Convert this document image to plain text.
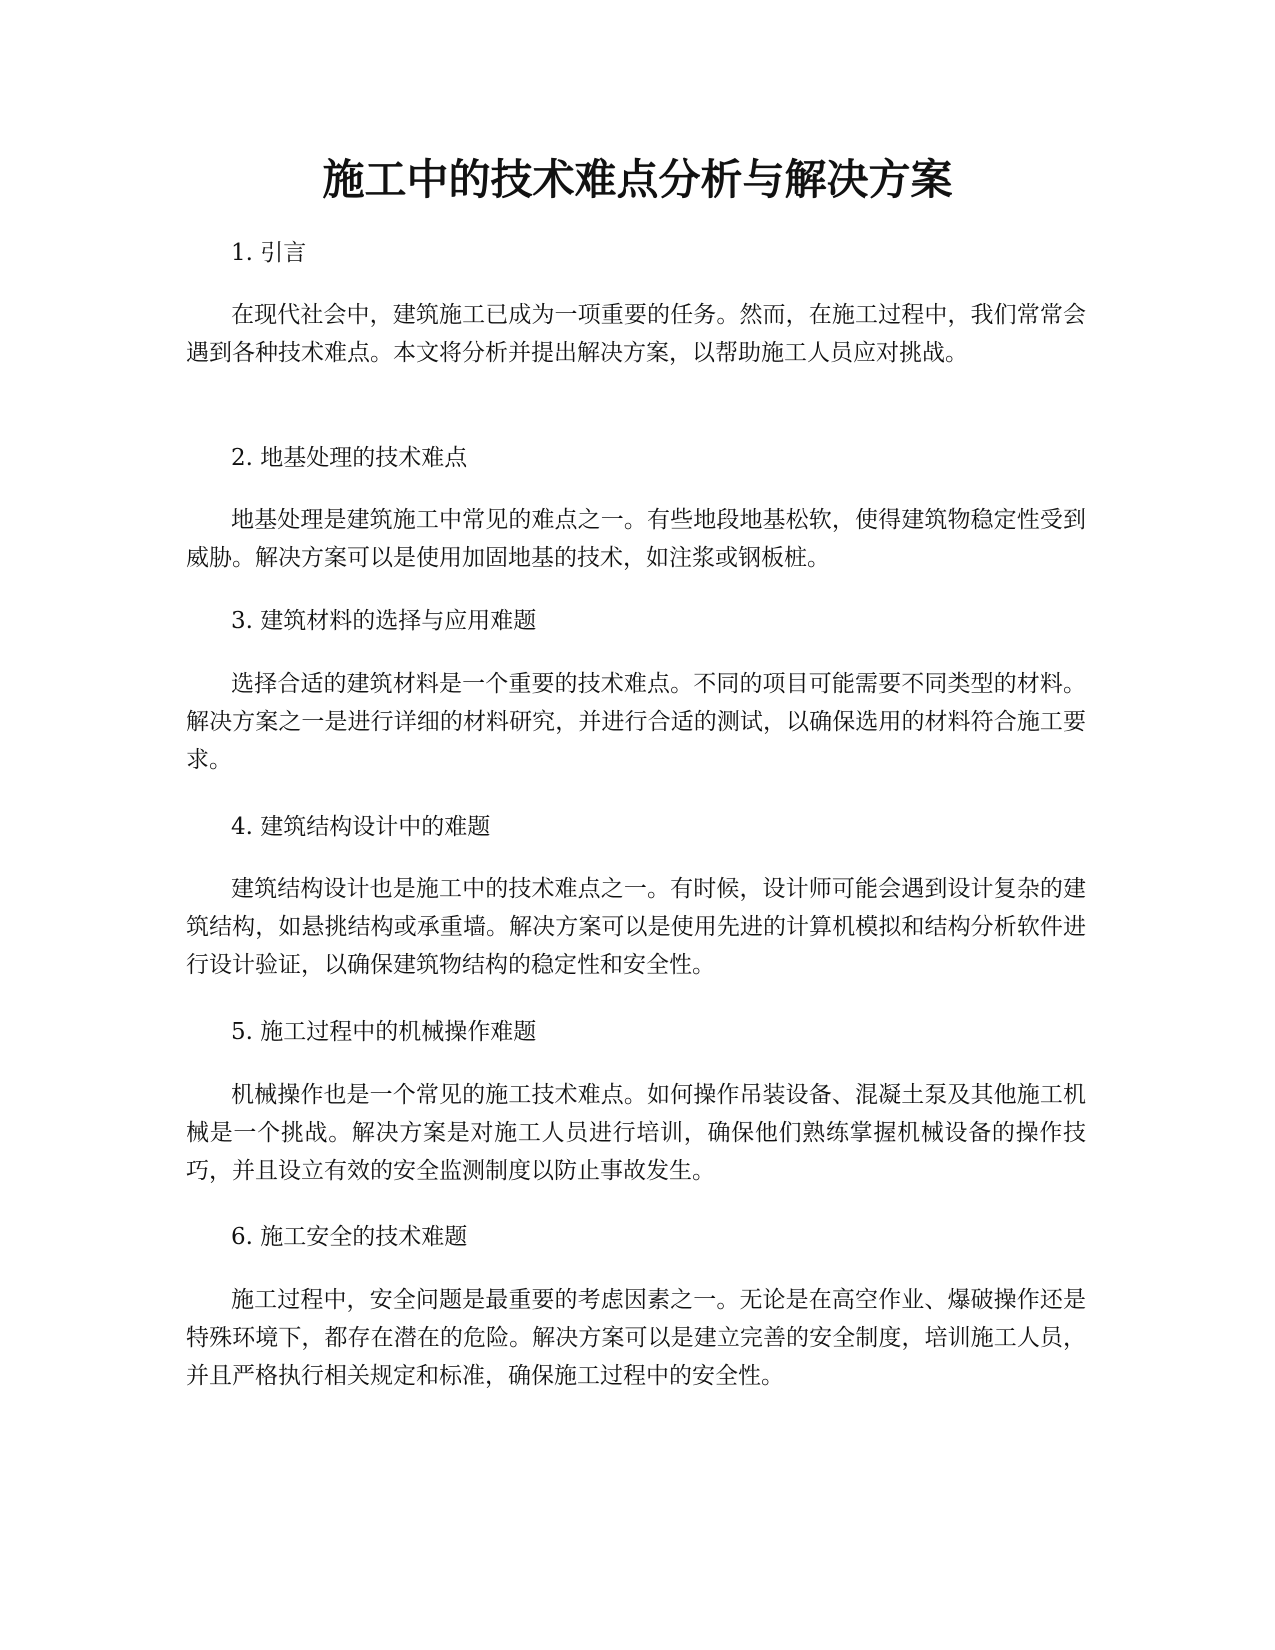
施工中的技术难点分析与解决方案

1. 引言

在现代社会中，建筑施工已成为一项重要的任务。然而，在施工过程中，我们常常会遇到各种技术难点。本文将分析并提出解决方案，以帮助施工人员应对挑战。

2. 地基处理的技术难点

地基处理是建筑施工中常见的难点之一。有些地段地基松软，使得建筑物稳定性受到威胁。解决方案可以是使用加固地基的技术，如注浆或钢板桩。

3. 建筑材料的选择与应用难题

选择合适的建筑材料是一个重要的技术难点。不同的项目可能需要不同类型的材料。解决方案之一是进行详细的材料研究，并进行合适的测试，以确保选用的材料符合施工要求。

4. 建筑结构设计中的难题

建筑结构设计也是施工中的技术难点之一。有时候，设计师可能会遇到设计复杂的建筑结构，如悬挑结构或承重墙。解决方案可以是使用先进的计算机模拟和结构分析软件进行设计验证，以确保建筑物结构的稳定性和安全性。

5. 施工过程中的机械操作难题

机械操作也是一个常见的施工技术难点。如何操作吊装设备、混凝土泵及其他施工机械是一个挑战。解决方案是对施工人员进行培训，确保他们熟练掌握机械设备的操作技巧，并且设立有效的安全监测制度以防止事故发生。

6. 施工安全的技术难题

施工过程中，安全问题是最重要的考虑因素之一。无论是在高空作业、爆破操作还是特殊环境下，都存在潜在的危险。解决方案可以是建立完善的安全制度，培训施工人员，并且严格执行相关规定和标准，确保施工过程中的安全性。
